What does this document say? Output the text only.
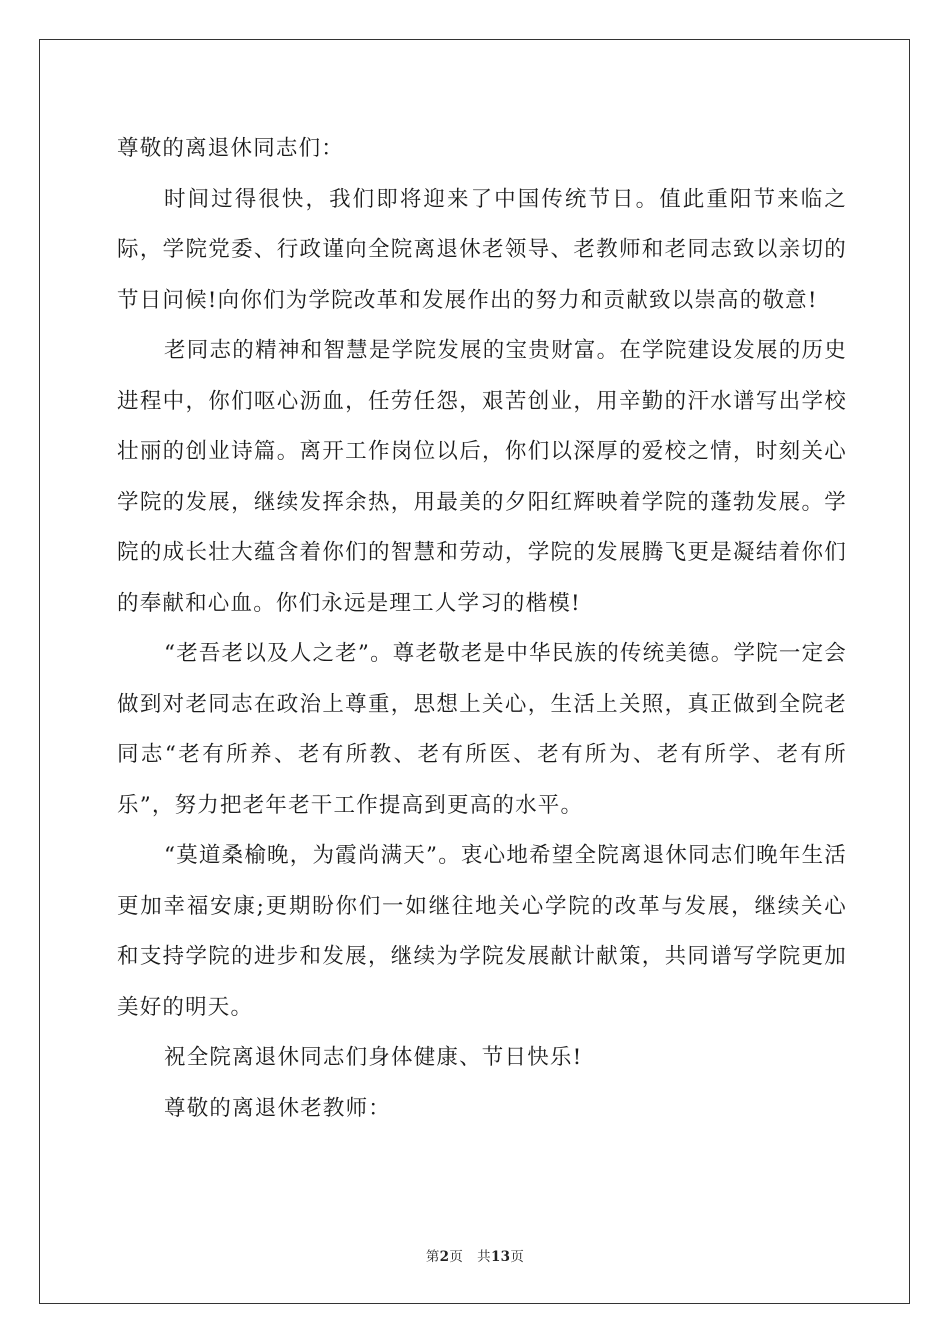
尊敬的离退休同志们：

时间过得很快，我们即将迎来了中国传统节日。值此重阳节来临之际，学院党委、行政谨向全院离退休老领导、老教师和老同志致以亲切的节日问候!向你们为学院改革和发展作出的努力和贡献致以崇高的敬意!

老同志的精神和智慧是学院发展的宝贵财富。在学院建设发展的历史进程中，你们呕心沥血，任劳任怨，艰苦创业，用辛勤的汗水谱写出学校壮丽的创业诗篇。离开工作岗位以后，你们以深厚的爱校之情，时刻关心学院的发展，继续发挥余热，用最美的夕阳红辉映着学院的蓬勃发展。学院的成长壮大蕴含着你们的智慧和劳动，学院的发展腾飞更是凝结着你们的奉献和心血。你们永远是理工人学习的楷模!

“老吾老以及人之老”。尊老敬老是中华民族的传统美德。学院一定会做到对老同志在政治上尊重，思想上关心，生活上关照，真正做到全院老同志“老有所养、老有所教、老有所医、老有所为、老有所学、老有所乐”，努力把老年老干工作提高到更高的水平。

“莫道桑榆晚，为霞尚满天”。衷心地希望全院离退休同志们晚年生活更加幸福安康;更期盼你们一如继往地关心学院的改革与发展，继续关心和支持学院的进步和发展，继续为学院发展献计献策，共同谱写学院更加美好的明天。

祝全院离退休同志们身体健康、节日快乐!

尊敬的离退休老教师：

第2页 共13页
